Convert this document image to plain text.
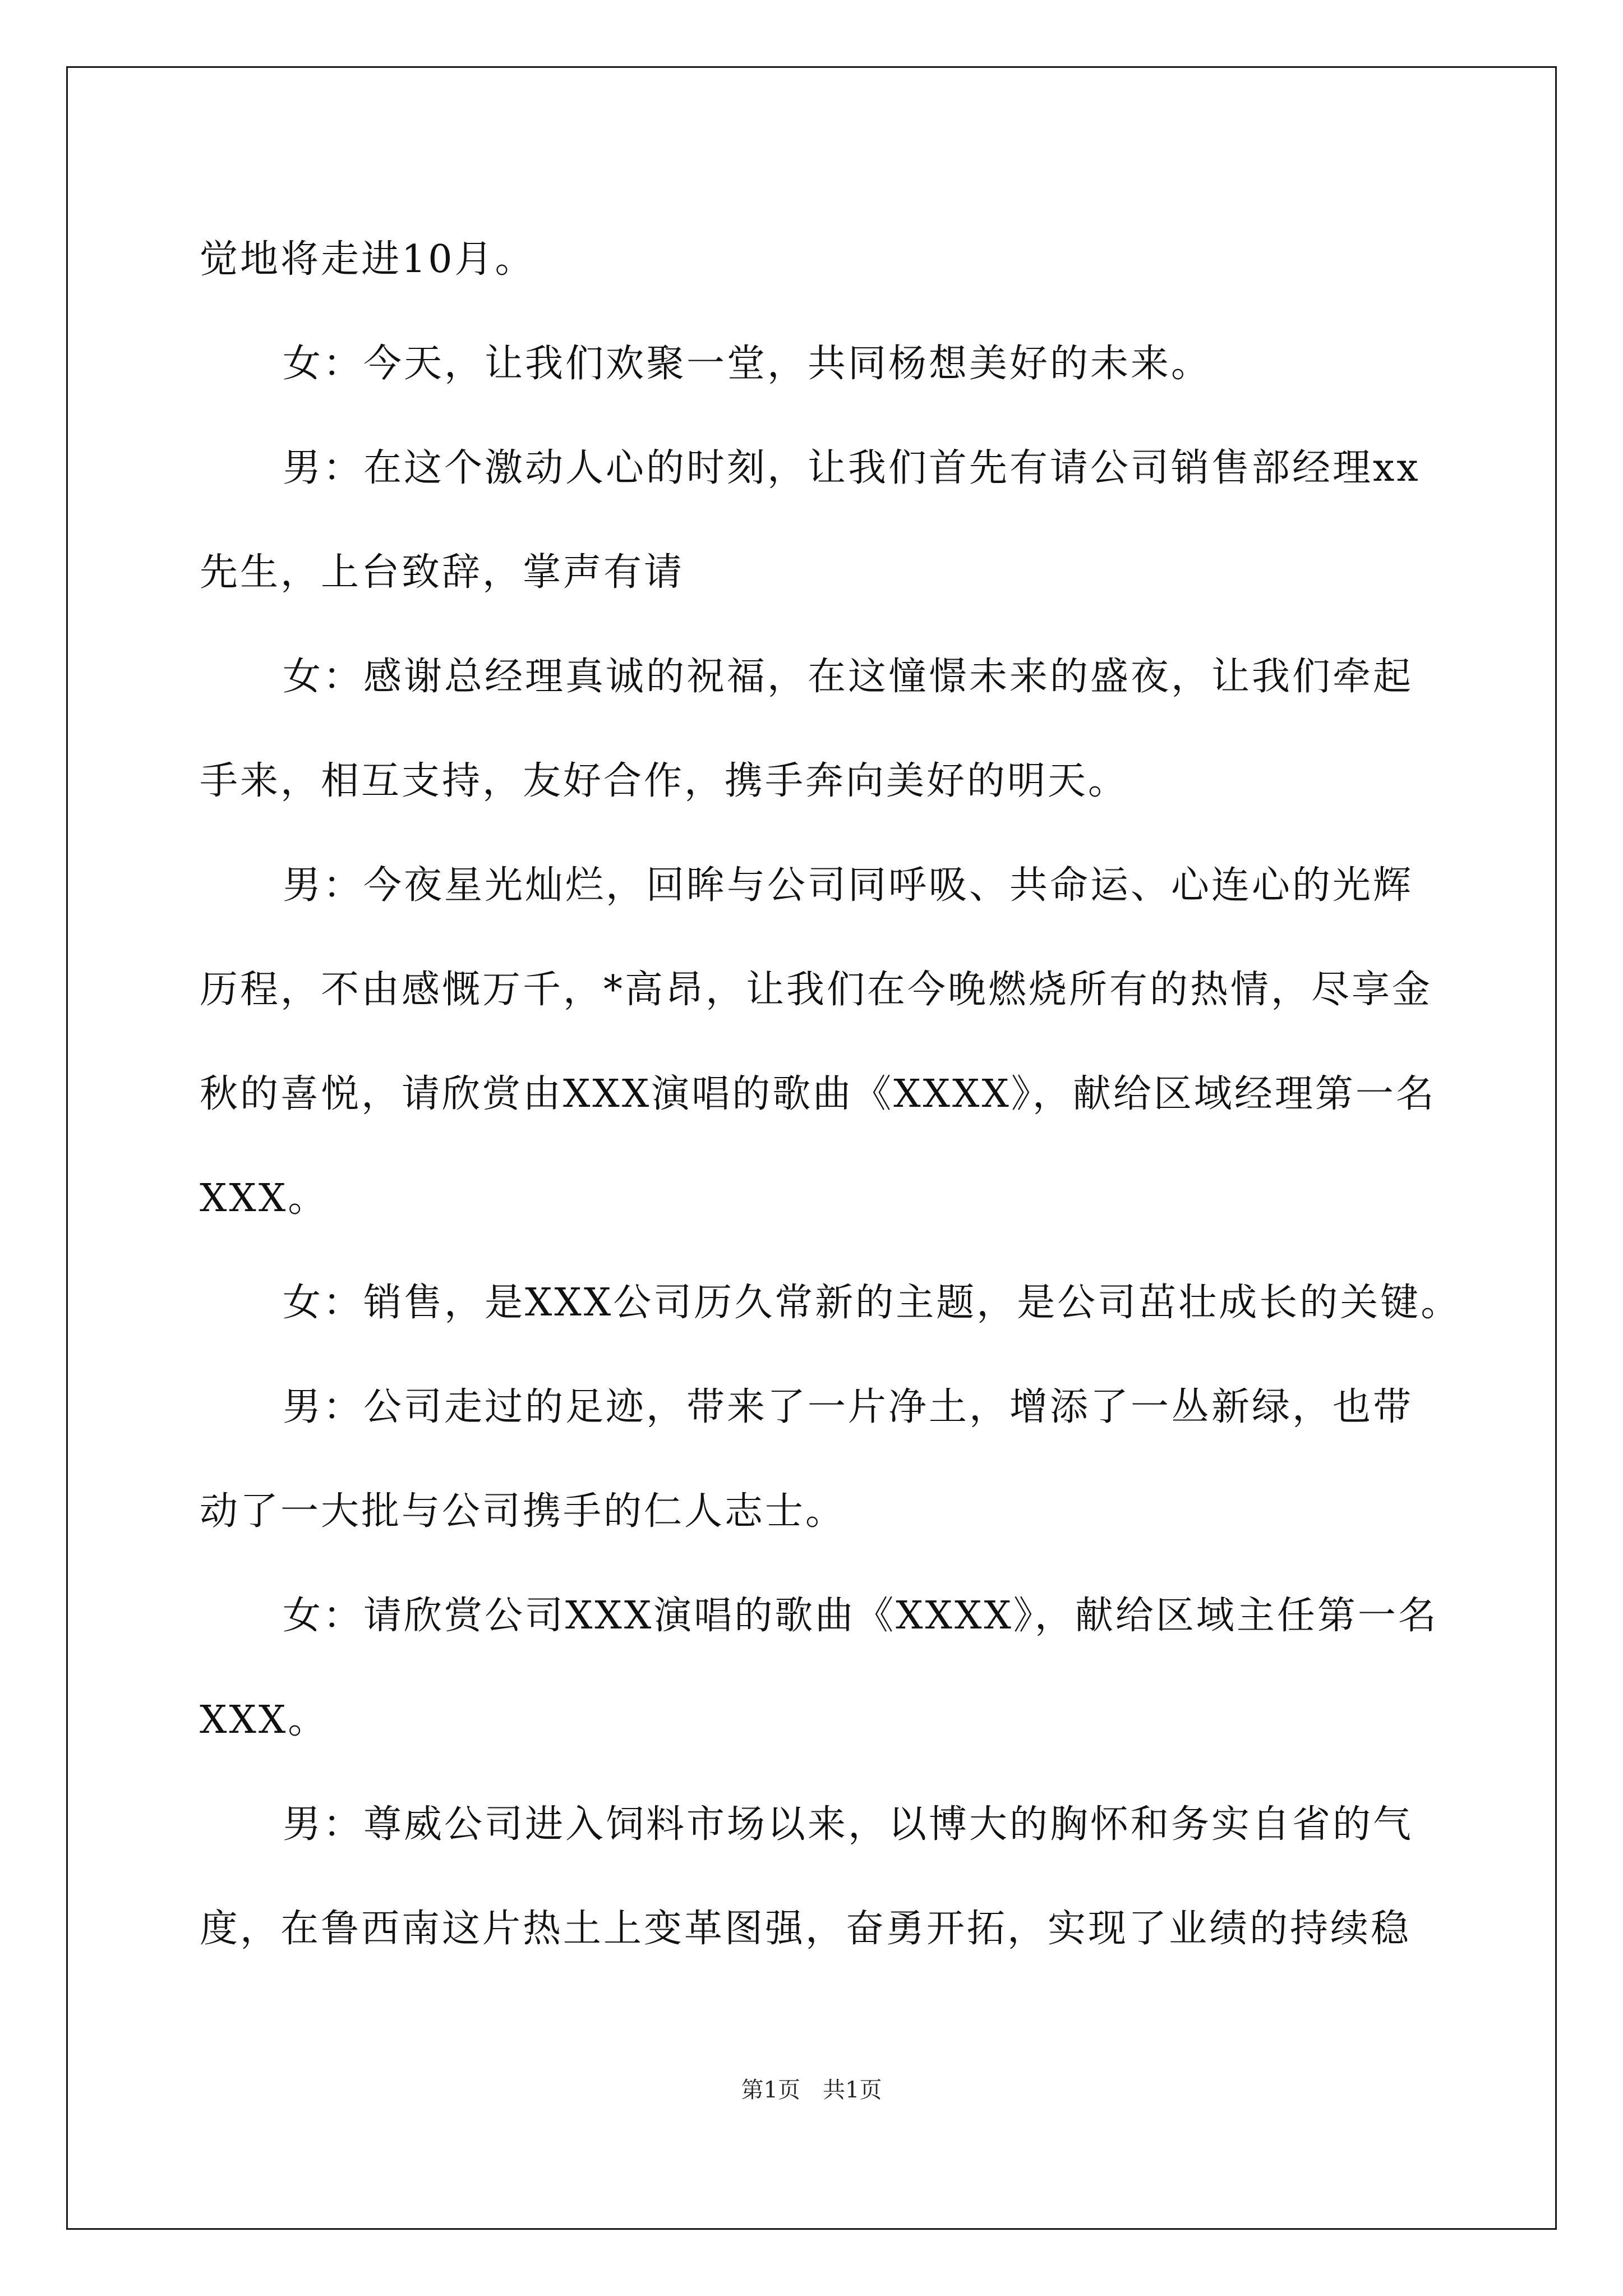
觉地将走进10月。
女：今天，让我们欢聚一堂，共同杨想美好的未来。
男：在这个激动人心的时刻，让我们首先有请公司销售部经理xx
先生，上台致辞，掌声有请
女：感谢总经理真诚的祝福，在这憧憬未来的盛夜，让我们牵起
手来，相互支持，友好合作，携手奔向美好的明天。
男：今夜星光灿烂，回眸与公司同呼吸、共命运、心连心的光辉
历程，不由感慨万千，*高昂，让我们在今晚燃烧所有的热情，尽享金
秋的喜悦，请欣赏由XXX演唱的歌曲《XXXX》，献给区域经理第一名
XXX。
女：销售，是XXX公司历久常新的主题，是公司茁壮成长的关键。
男：公司走过的足迹，带来了一片净土，增添了一丛新绿，也带
动了一大批与公司携手的仁人志士。
女：请欣赏公司XXX演唱的歌曲《XXXX》，献给区域主任第一名
XXX。
男：尊威公司进入饲料市场以来，以博大的胸怀和务实自省的气
度，在鲁西南这片热土上变革图强，奋勇开拓，实现了业绩的持续稳
第1页 共1页
